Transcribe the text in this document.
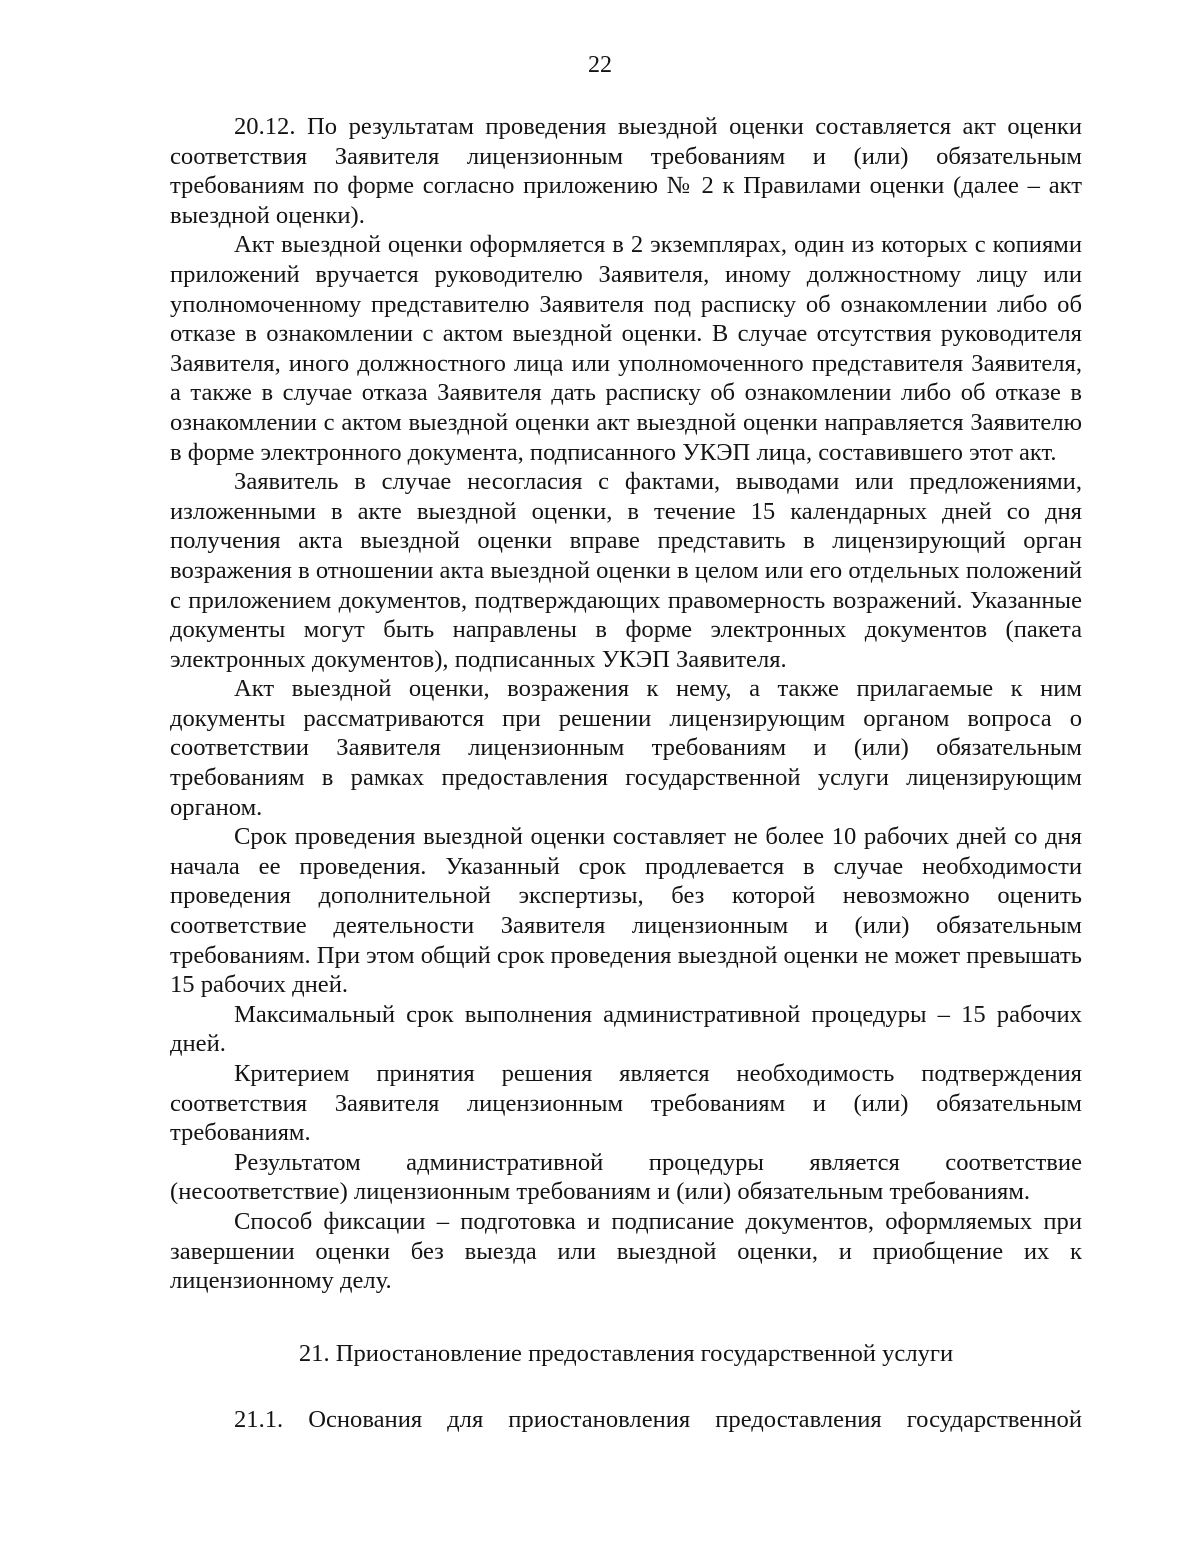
22

20.12. По результатам проведения выездной оценки составляется акт оценки соответствия Заявителя лицензионным требованиям и (или) обязательным требованиям по форме согласно приложению № 2 к Правилами оценки (далее – акт выездной оценки).

Акт выездной оценки оформляется в 2 экземплярах, один из которых с копиями приложений вручается руководителю Заявителя, иному должностному лицу или уполномоченному представителю Заявителя под расписку об ознакомлении либо об отказе в ознакомлении с актом выездной оценки. В случае отсутствия руководителя Заявителя, иного должностного лица или уполномоченного представителя Заявителя, а также в случае отказа Заявителя дать расписку об ознакомлении либо об отказе в ознакомлении с актом выездной оценки акт выездной оценки направляется Заявителю в форме электронного документа, подписанного УКЭП лица, составившего этот акт.

Заявитель в случае несогласия с фактами, выводами или предложениями, изложенными в акте выездной оценки, в течение 15 календарных дней со дня получения акта выездной оценки вправе представить в лицензирующий орган возражения в отношении акта выездной оценки в целом или его отдельных положений с приложением документов, подтверждающих правомерность возражений. Указанные документы могут быть направлены в форме электронных документов (пакета электронных документов), подписанных УКЭП Заявителя.

Акт выездной оценки, возражения к нему, а также прилагаемые к ним документы рассматриваются при решении лицензирующим органом вопроса о соответствии Заявителя лицензионным требованиям и (или) обязательным требованиям в рамках предоставления государственной услуги лицензирующим органом.

Срок проведения выездной оценки составляет не более 10 рабочих дней со дня начала ее проведения. Указанный срок продлевается в случае необходимости проведения дополнительной экспертизы, без которой невозможно оценить соответствие деятельности Заявителя лицензионным и (или) обязательным требованиям. При этом общий срок проведения выездной оценки не может превышать 15 рабочих дней.

Максимальный срок выполнения административной процедуры – 15 рабочих дней.

Критерием принятия решения является необходимость подтверждения соответствия Заявителя лицензионным требованиям и (или) обязательным требованиям.

Результатом административной процедуры является соответствие (несоответствие) лицензионным требованиям и (или) обязательным требованиям.

Способ фиксации – подготовка и подписание документов, оформляемых при завершении оценки без выезда или выездной оценки, и приобщение их к лицензионному делу.

21. Приостановление предоставления государственной услуги

21.1. Основания для приостановления предоставления государственной
